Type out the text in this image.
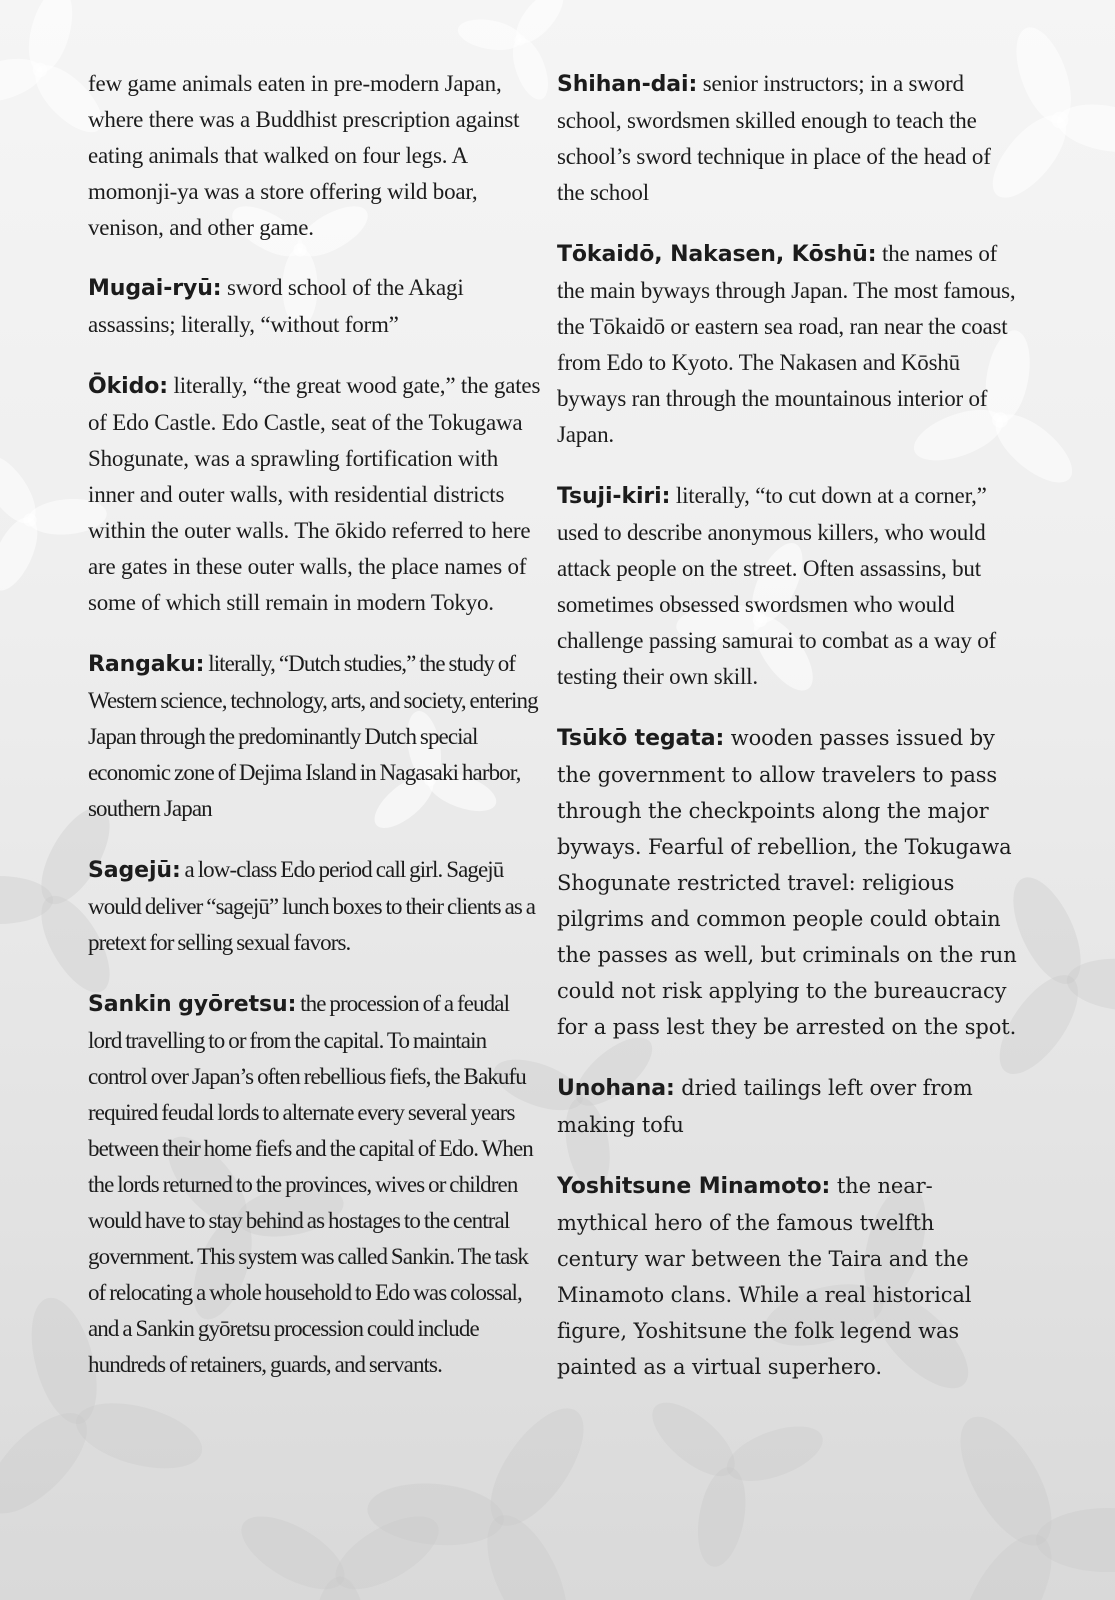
few game animals eaten in pre-modern Japan, where there was a Buddhist prescription against eating animals that walked on four legs. A momonji-ya was a store offering wild boar, venison, and other game.

Mugai-ryū: sword school of the Akagi assassins; literally, “without form”

Ōkido: literally, “the great wood gate,” the gates of Edo Castle. Edo Castle, seat of the Tokugawa Shogunate, was a sprawling fortification with inner and outer walls, with residential districts within the outer walls. The ōkido referred to here are gates in these outer walls, the place names of some of which still remain in modern Tokyo.

Rangaku: literally, “Dutch studies,” the study of Western science, technology, arts, and society, entering Japan through the predominantly Dutch special economic zone of Dejima Island in Nagasaki harbor, southern Japan

Sagejū: a low-class Edo period call girl. Sagejū would deliver “sagejū” lunch boxes to their clients as a pretext for selling sexual favors.

Sankin gyōretsu: the procession of a feudal lord travelling to or from the capital. To maintain control over Japan’s often rebellious fiefs, the Bakufu required feudal lords to alternate every several years between their home fiefs and the capital of Edo. When the lords returned to the provinces, wives or children would have to stay behind as hostages to the central government. This system was called Sankin. The task of relocating a whole household to Edo was colossal, and a Sankin gyōretsu procession could include hundreds of retainers, guards, and servants.

Shihan-dai: senior instructors; in a sword school, swordsmen skilled enough to teach the school’s sword technique in place of the head of the school

Tōkaidō, Nakasen, Kōshū: the names of the main byways through Japan. The most famous, the Tōkaidō or eastern sea road, ran near the coast from Edo to Kyoto. The Nakasen and Kōshū byways ran through the mountainous interior of Japan.

Tsuji-kiri: literally, “to cut down at a corner,” used to describe anonymous killers, who would attack people on the street. Often assassins, but sometimes obsessed swordsmen who would challenge passing samurai to combat as a way of testing their own skill.

Tsūkō tegata: wooden passes issued by the government to allow travelers to pass through the checkpoints along the major byways. Fearful of rebellion, the Tokugawa Shogunate restricted travel: religious pilgrims and common people could obtain the passes as well, but criminals on the run could not risk applying to the bureaucracy for a pass lest they be arrested on the spot.

Unohana: dried tailings left over from making tofu

Yoshitsune Minamoto: the near-mythical hero of the famous twelfth century war between the Taira and the Minamoto clans. While a real historical figure, Yoshitsune the folk legend was painted as a virtual superhero.
